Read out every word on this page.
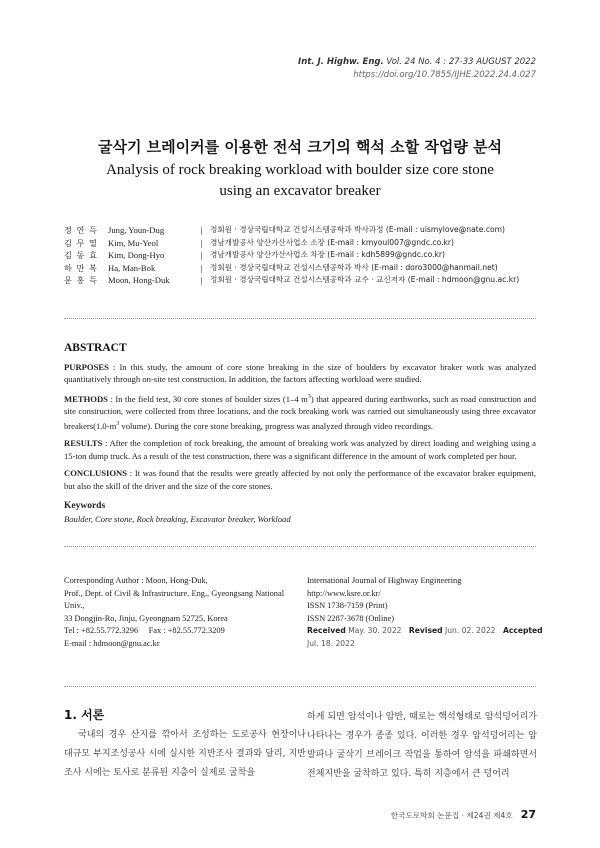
Int. J. Highw. Eng. Vol. 24 No. 4 : 27-33 AUGUST 2022
https://doi.org/10.7855/IJHE.2022.24.4.027
굴삭기 브레이커를 이용한 전석 크기의 핵석 소할 작업량 분석
Analysis of rock breaking workload with boulder size core stone
using an excavator breaker
정 연 득	Jung, Youn-Dug	| 정회원 · 경상국립대학교 건설시스템공학과 박사과정 (E-mail : uismylove@nate.com)
김 무 열	Kim, Mu-Yeol	| 경남개발공사 양산가산사업소 소장 (E-mail : kmyoul007@gndc.co.kr)
김 동 효	Kim, Dong-Hyo	| 경남개발공사 양산가산사업소 차장 (E-mail : kdh5899@gndc.co.kr)
하 만 복	Ha, Man-Bok	| 정회원 · 경상국립대학교 건설시스템공학과 박사 (E-mail : doro3000@hanmail.net)
문 홍 득	Moon, Hong-Duk	| 정회원 · 경상국립대학교 건설시스템공학과 교수 · 교신저자 (E-mail : hdmoon@gnu.ac.kr)
ABSTRACT

PURPOSES : In this study, the amount of core stone breaking in the size of boulders by excavator braker work was analyzed quantitatively through on-site test construction. In addition, the factors affecting workload were studied.

METHODS : In the field test, 30 core stones of boulder sizes (1–4 $m^3$) that appeared during earthworks, such as road construction and site construction, were collected from three locations, and the rock breaking work was carried out simultaneously using three excavator $breakers(1.0-m^3$ volume). During the core stone breaking, progress was analyzed through video recordings.

RESULTS : After the completion of rock breaking, the amount of breaking work was analyzed by direct loading and weighing using a 15-ton dump truck. As a result of the test construction, there was a significant difference in the amount of work completed per hour.

CONCLUSIONS : It was found that the results were greatly affected by not only the performance of the excavator braker equipment, but also the skill of the driver and the size of the core stones.

Keywords
Boulder, Core stone, Rock breaking, Excavator breaker, Workload
Corresponding Author : Moon, Hong-Duk,
Prof., Dept. of Civil & Infrastructure. Eng., Gyeongsang National Univ.,
33 Dongjin-Ro, Jinju, Gyeongnam 52725, Korea
Tel : +82.55.772.3296     Fax : +82.55.772.3209
E-mail : hdmoon@gnu.ac.kr
International Journal of Highway Engineering
http://www.ksre.or.kr/
ISSN 1738-7159 (Print)
ISSN 2287-3678 (Online)
Received May. 30. 2022 Revised Jun. 02. 2022 Accepted Jul. 18. 2022
1. 서론
국내의 경우 산지를 깎아서 조성하는 도로공사 현장이나 대규모 부지조성공사 시에 실시한 지반조사 결과와 달리, 지반조사 시에는 토사로 분류된 지층이 실제로 굴착을
하게 되면 암석이나 암반, 때로는 핵석형태로 암석덩어리가 나타나는 경우가 종종 있다. 이러한 경우 암석덩어리는 암발파나 굴삭기 브레이크 작업을 통하여 암석을 파쇄하면서 전체지반을 굴착하고 있다. 특히 지층에서 큰 덩어리
한국도로학회 논문집 · 제24권 제4호 27
